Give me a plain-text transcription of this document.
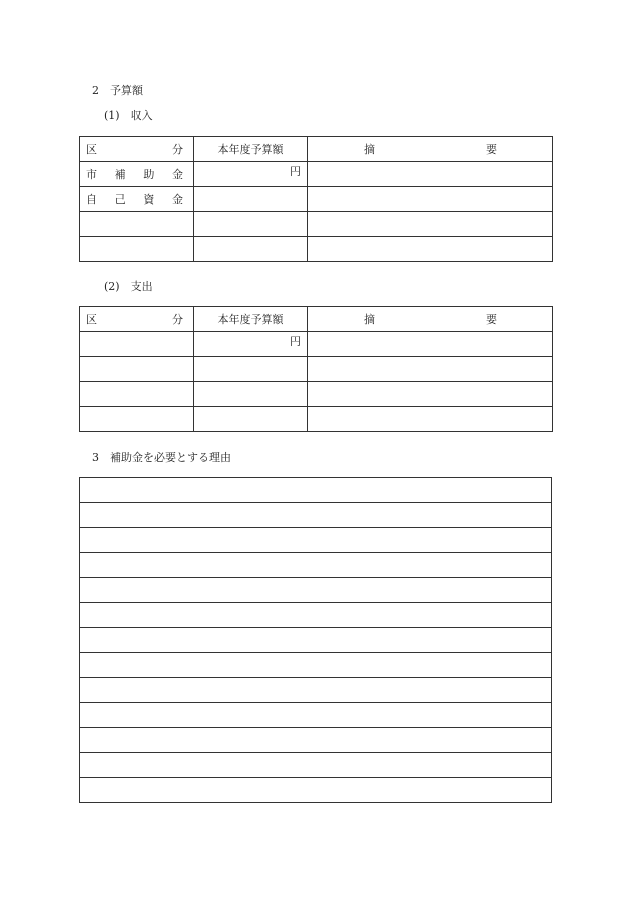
2　予算額
(1)　収入
区 分	本年度予算額	摘 要

市 補 助 金	円	

自 己 資 金		

(2)　支出
区 分	本年度予算額	摘 要

	円	

3　補助金を必要とする理由
